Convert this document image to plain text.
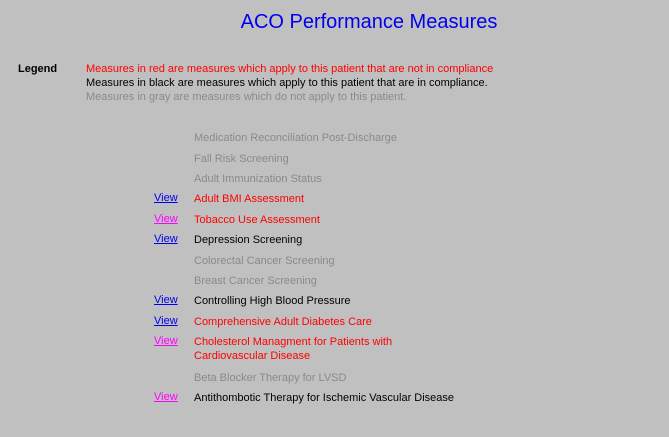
ACO Performance Measures
Legend	Measures in red are measures which apply to this patient that are not in compliance
Measures in black are measures which apply to this patient that are in compliance.
Measures in gray are measures which do not apply to this patient.
Medication Reconciliation Post-Discharge
Fall Risk Screening
Adult Immunization Status
View Adult BMI Assessment
View Tobacco Use Assessment
View Depression Screening
Colorectal Cancer Screening
Breast Cancer Screening
View Controlling High Blood Pressure
View Comprehensive Adult Diabetes Care
View Cholesterol Managment for Patients with
Cardiovascular Disease
Beta Blocker Therapy for LVSD
View Antithombotic Therapy for Ischemic Vascular Disease
